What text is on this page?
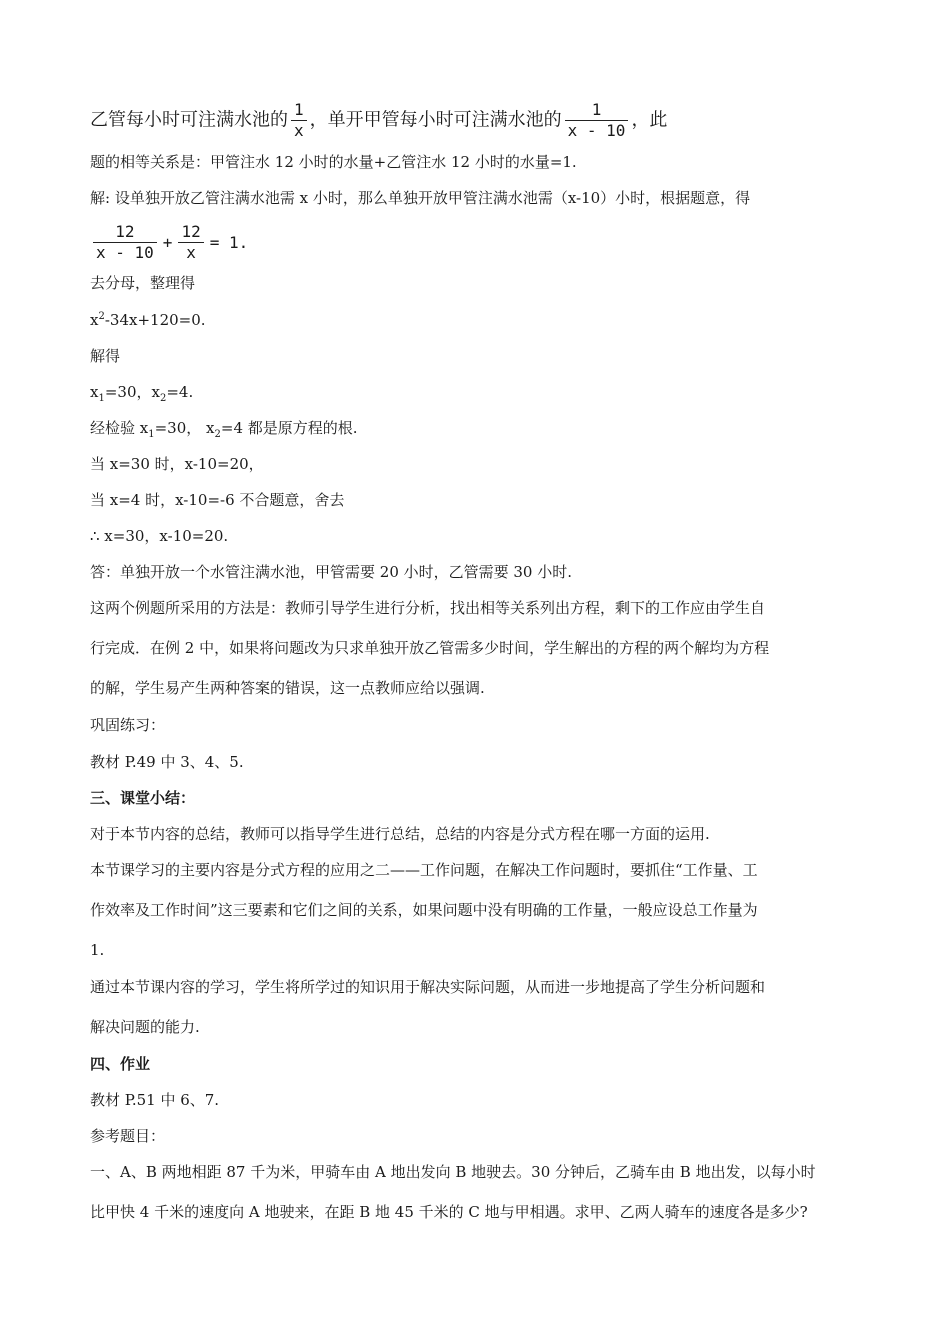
乙管每小时可注满水池的 $\frac{1}{x}$ ，单开甲管每小时可注满水池的 $\frac{1}{x - 10}$ ，此
题的相等关系是：甲管注水 12 小时的水量+乙管注水 12 小时的水量=1.
解: 设单独开放乙管注满水池需 x 小时，那么单独开放甲管注满水池需（x-10）小时，根据题意，得
$\frac{12}{x - 10} + \frac{12}{x} = 1$.
去分母，整理得
$x^2-34x+120=0$.
解得
$x_1=30$，$x_2=4$.
经检验 $x_1=30$， $x_2=4$ 都是原方程的根.
当 x=30 时，x-10=20，
当 x=4 时，x-10=-6 不合题意，舍去
∴ x=30，x-10=20.
答：单独开放一个水管注满水池，甲管需要 20 小时，乙管需要 30 小时.
这两个例题所采用的方法是：教师引导学生进行分析，找出相等关系列出方程，剩下的工作应由学生自
行完成．在例 2 中，如果将问题改为只求单独开放乙管需多少时间，学生解出的方程的两个解均为方程
的解，学生易产生两种答案的错误，这一点教师应给以强调.
巩固练习：
教材 P.49 中 3、4、5.
三、课堂小结：
对于本节内容的总结，教师可以指导学生进行总结，总结的内容是分式方程在哪一方面的运用.
本节课学习的主要内容是分式方程的应用之二——工作问题，在解决工作问题时，要抓住“工作量、工
作效率及工作时间”这三要素和它们之间的关系，如果问题中没有明确的工作量，一般应设总工作量为
1.
通过本节课内容的学习，学生将所学过的知识用于解决实际问题，从而进一步地提高了学生分析问题和
解决问题的能力.
四、作业
教材 P.51 中 6、7.
参考题目：
一、A、B 两地相距 87 千为米，甲骑车由 A 地出发向 B 地驶去。30 分钟后，乙骑车由 B 地出发，以每小时
比甲快 4 千米的速度向 A 地驶来，在距 B 地 45 千米的 C 地与甲相遇。求甲、乙两人骑车的速度各是多少?
